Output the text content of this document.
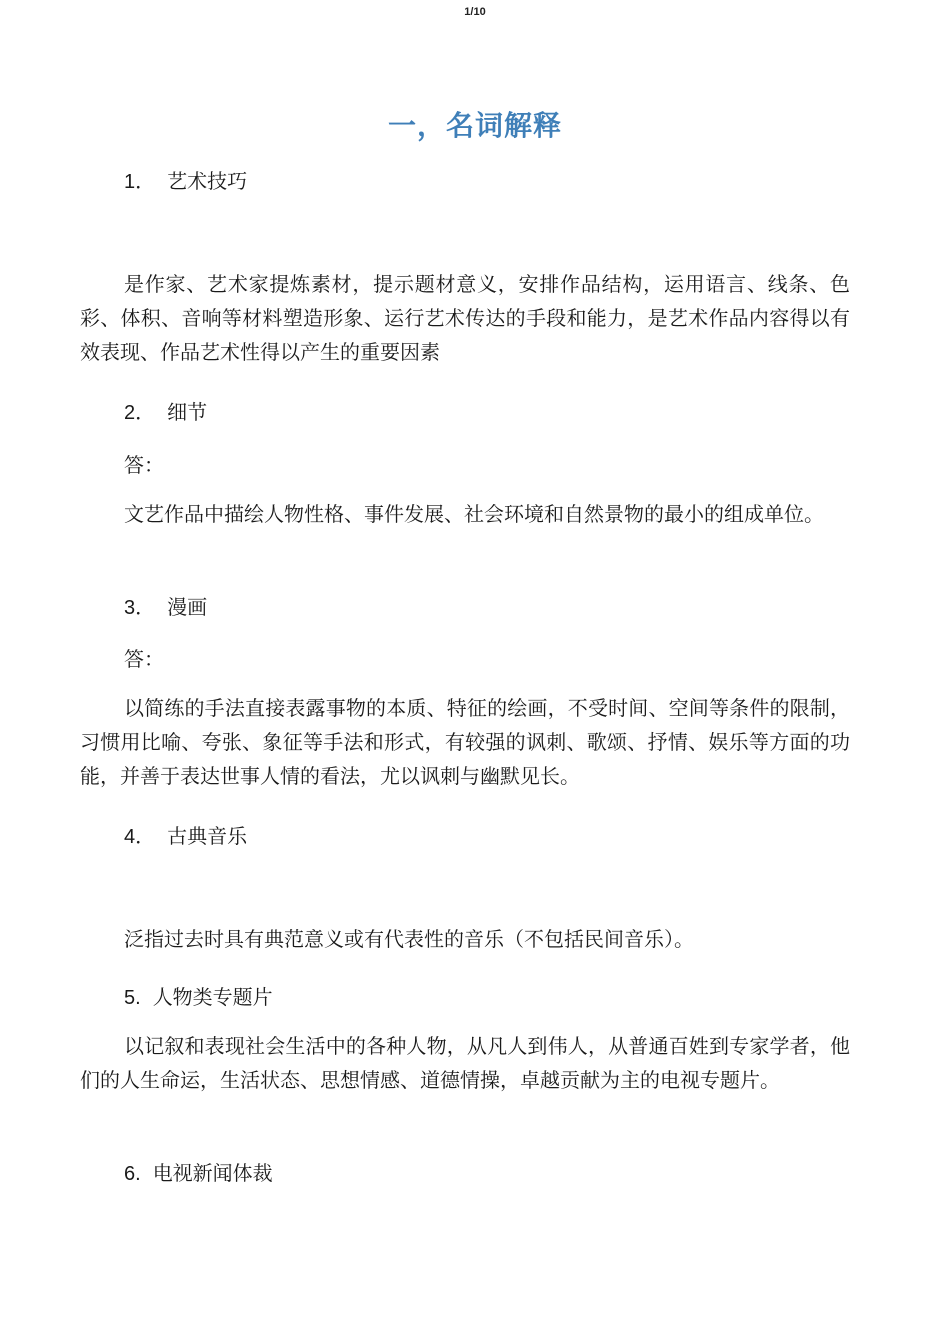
1/10
一，名词解释

1． 艺术技巧

是作家、艺术家提炼素材，提示题材意义，安排作品结构，运用语言、线条、色彩、体积、音响等材料塑造形象、运行艺术传达的手段和能力，是艺术作品内容得以有效表现、作品艺术性得以产生的重要因素

2． 细节

答：

文艺作品中描绘人物性格、事件发展、社会环境和自然景物的最小的组成单位。

3． 漫画

答：

以简练的手法直接表露事物的本质、特征的绘画，不受时间、空间等条件的限制，习惯用比喻、夸张、象征等手法和形式，有较强的讽刺、歌颂、抒情、娱乐等方面的功能，并善于表达世事人情的看法，尤以讽刺与幽默见长。

4． 古典音乐

泛指过去时具有典范意义或有代表性的音乐（不包括民间音乐）。

5. 人物类专题片

以记叙和表现社会生活中的各种人物，从凡人到伟人，从普通百姓到专家学者，他们的人生命运，生活状态、思想情感、道德情操，卓越贡献为主的电视专题片。

6. 电视新闻体裁
